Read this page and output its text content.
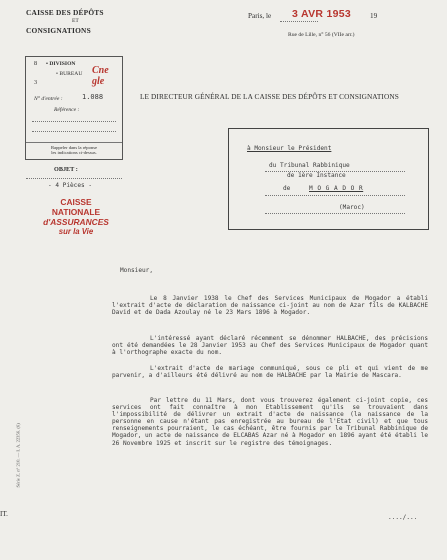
CAISSE DES DÉPÔTS
ET
CONSIGNATIONS
Paris, le 3 AVR 1953	19
Rue de Lille, n° 56 (VIIe arr.)
8 • DIVISION
• BUREAU
3
Cne gle
N° d'entrée :	1.088
Référence :
Rappeler dans la réponse
les indications ci-dessus.
LE DIRECTEUR GÉNÉRAL DE LA CAISSE DES DÉPÔTS ET CONSIGNATIONS
OBJET :
- 4 Pièces -
CAISSE NATIONALE
d'ASSURANCES
sur la Vie
à Monsieur le Président
du Tribunal Rabbinique
de 1ère Instance
de	M O G A D O R
(Maroc)
Monsieur,
Le 8 Janvier 1938 le Chef des Services Municipaux de Mogador a établi l'extrait d'acte de déclaration de naissance ci-joint au nom de Azar fils de KALBACHE David et de Dada Azoulay né le 23 Mars 1896 à Mogador.
L'intéressé ayant déclaré récemment se dénommer HALBACHE, des précisions ont été demandées le 28 Janvier 1953 au Chef des Services Municipaux de Mogador quant à l'orthographe exacte du nom.
L'extrait d'acte de mariage communiqué, sous ce pli et qui vient de me parvenir, a d'ailleurs été délivré au nom de HALBACHE par la Mairie de Mascara.
Par lettre du 11 Mars, dont vous trouverez également ci-joint copie, ces services ont fait connaître à mon Etablissement qu'ils se trouvaient dans l'impossibilité de délivrer un extrait d'acte de naissance (la naissance de la personne en cause n'étant pas enregistrée au bureau de l'Etat civil) et que tous renseignements pourraient, le cas échéant, être fournis par le Tribunal Rabbinique de Mogador, un acte de naissance de ELCABAS Azar né à Mogador en 1896 ayant été établi le 26 Novembre 1925 et inscrit sur le registre des témoignages.
..../...
Série Z. n° 210. — I. A. 22356. (6)
IT.
